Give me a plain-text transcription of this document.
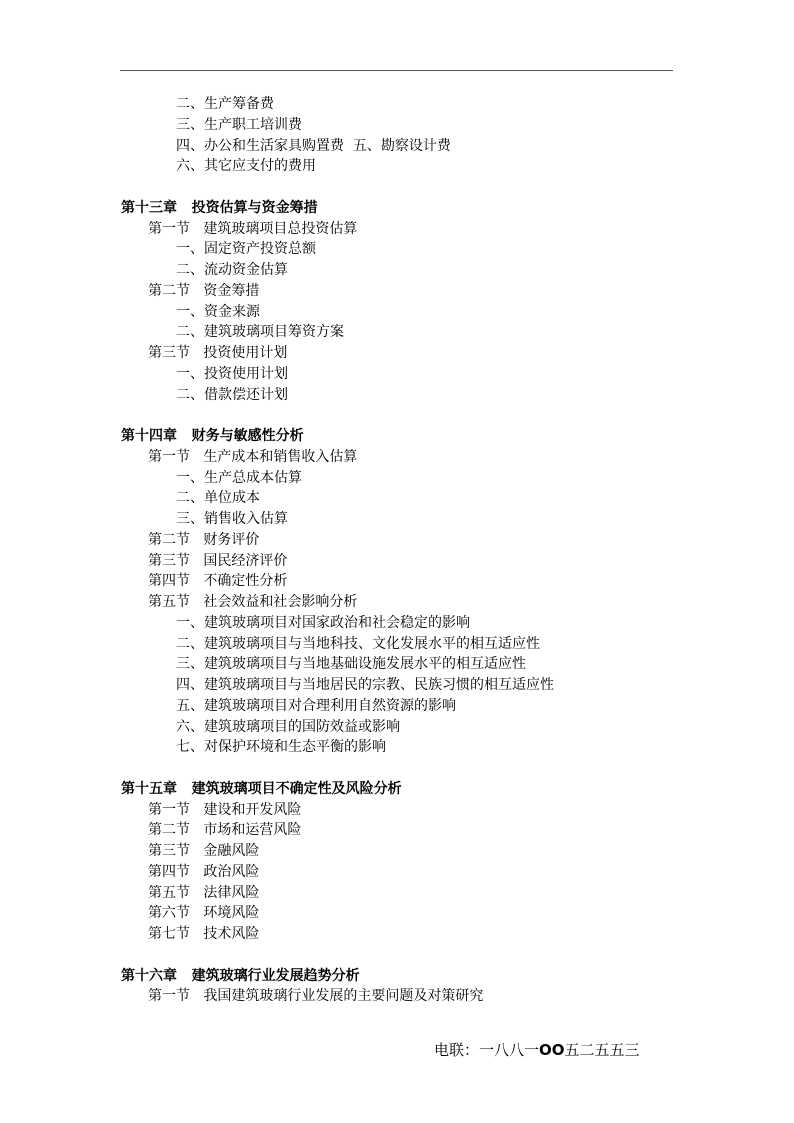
二、生产筹备费
三、生产职工培训费
四、办公和生活家具购置费  五、勘察设计费
六、其它应支付的费用
第十三章   投资估算与资金筹措
第一节   建筑玻璃项目总投资估算
一、固定资产投资总额
二、流动资金估算
第二节   资金筹措
一、资金来源
二、建筑玻璃项目筹资方案
第三节   投资使用计划
一、投资使用计划
二、借款偿还计划
第十四章   财务与敏感性分析
第一节   生产成本和销售收入估算
一、生产总成本估算
二、单位成本
三、销售收入估算
第二节   财务评价
第三节   国民经济评价
第四节   不确定性分析
第五节   社会效益和社会影响分析
一、建筑玻璃项目对国家政治和社会稳定的影响
二、建筑玻璃项目与当地科技、文化发展水平的相互适应性
三、建筑玻璃项目与当地基础设施发展水平的相互适应性
四、建筑玻璃项目与当地居民的宗教、民族习惯的相互适应性
五、建筑玻璃项目对合理利用自然资源的影响
六、建筑玻璃项目的国防效益或影响
七、对保护环境和生态平衡的影响
第十五章   建筑玻璃项目不确定性及风险分析
第一节   建设和开发风险
第二节   市场和运营风险
第三节   金融风险
第四节   政治风险
第五节   法律风险
第六节   环境风险
第七节   技术风险
第十六章   建筑玻璃行业发展趋势分析
第一节   我国建筑玻璃行业发展的主要问题及对策研究
电联：一八八一OO五二五五三
